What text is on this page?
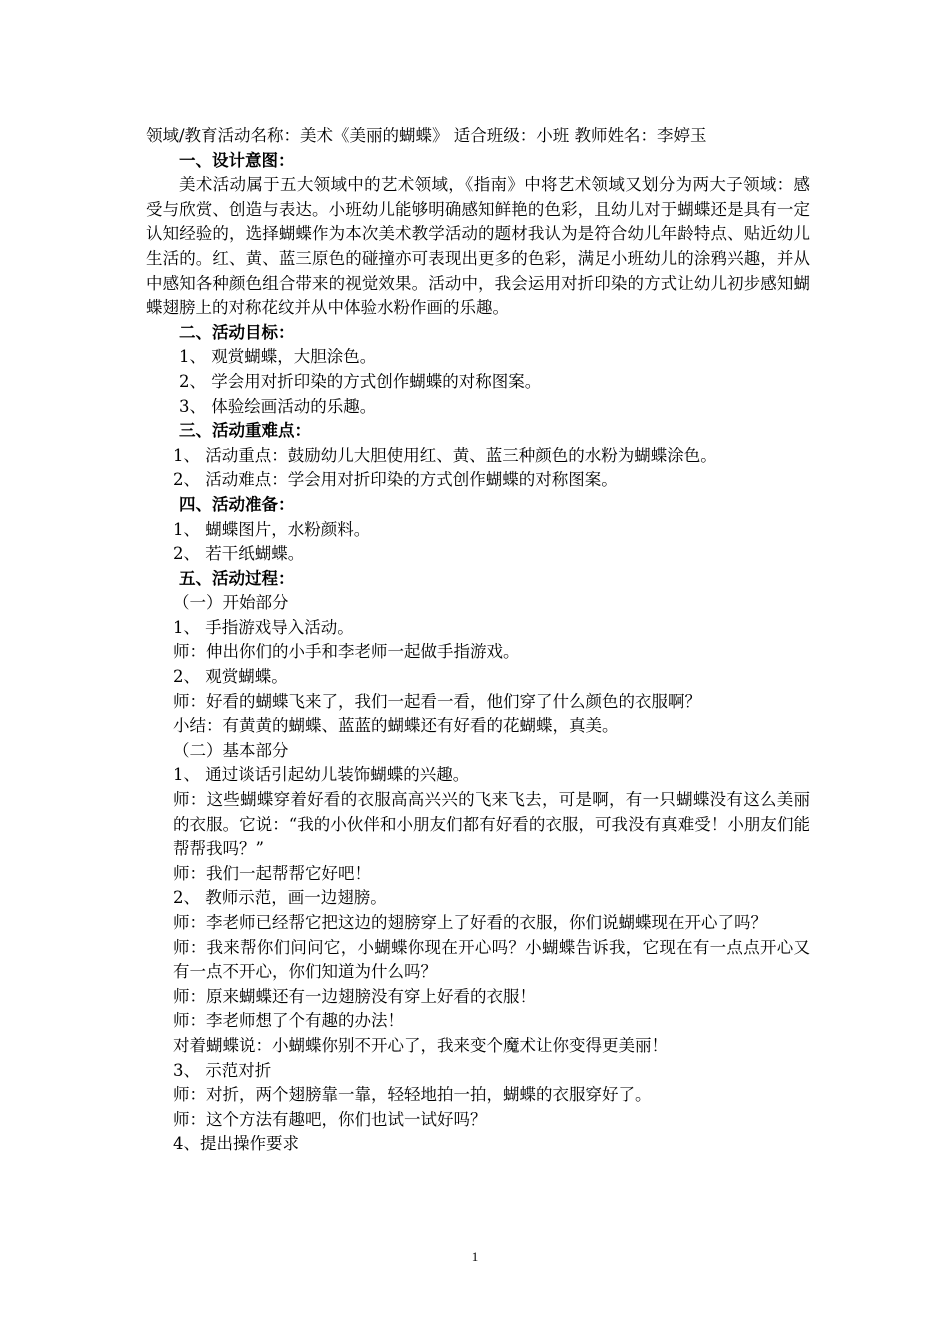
领域/教育活动名称：美术《美丽的蝴蝶》 适合班级：小班 教师姓名：李婷玉
一、设计意图：
美术活动属于五大领域中的艺术领域，《指南》中将艺术领域又划分为两大子领域：感受与欣赏、创造与表达。小班幼儿能够明确感知鲜艳的色彩，且幼儿对于蝴蝶还是具有一定认知经验的，选择蝴蝶作为本次美术教学活动的题材我认为是符合幼儿年龄特点、贴近幼儿生活的。红、黄、蓝三原色的碰撞亦可表现出更多的色彩，满足小班幼儿的涂鸦兴趣，并从中感知各种颜色组合带来的视觉效果。活动中，我会运用对折印染的方式让幼儿初步感知蝴蝶翅膀上的对称花纹并从中体验水粉作画的乐趣。
二、活动目标：
1、 观赏蝴蝶，大胆涂色。
2、 学会用对折印染的方式创作蝴蝶的对称图案。
3、 体验绘画活动的乐趣。
三、活动重难点：
1、 活动重点：鼓励幼儿大胆使用红、黄、蓝三种颜色的水粉为蝴蝶涂色。
2、 活动难点：学会用对折印染的方式创作蝴蝶的对称图案。
四、活动准备：
1、 蝴蝶图片，水粉颜料。
2、 若干纸蝴蝶。
五、活动过程：
（一）开始部分
1、 手指游戏导入活动。
师：伸出你们的小手和李老师一起做手指游戏。
2、 观赏蝴蝶。
师：好看的蝴蝶飞来了，我们一起看一看，他们穿了什么颜色的衣服啊？
小结：有黄黄的蝴蝶、蓝蓝的蝴蝶还有好看的花蝴蝶，真美。
（二）基本部分
1、 通过谈话引起幼儿装饰蝴蝶的兴趣。
师：这些蝴蝶穿着好看的衣服高高兴兴的飞来飞去，可是啊，有一只蝴蝶没有这么美丽的衣服。它说：“我的小伙伴和小朋友们都有好看的衣服，可我没有真难受！小朋友们能帮帮我吗？”
师：我们一起帮帮它好吧！
2、 教师示范，画一边翅膀。
师：李老师已经帮它把这边的翅膀穿上了好看的衣服，你们说蝴蝶现在开心了吗？
师：我来帮你们问问它，小蝴蝶你现在开心吗？小蝴蝶告诉我，它现在有一点点开心又有一点不开心，你们知道为什么吗？
师：原来蝴蝶还有一边翅膀没有穿上好看的衣服！
师：李老师想了个有趣的办法！
对着蝴蝶说：小蝴蝶你别不开心了，我来变个魔术让你变得更美丽！
3、 示范对折
师：对折，两个翅膀靠一靠，轻轻地拍一拍，蝴蝶的衣服穿好了。
师：这个方法有趣吧，你们也试一试好吗？
4、提出操作要求
1
